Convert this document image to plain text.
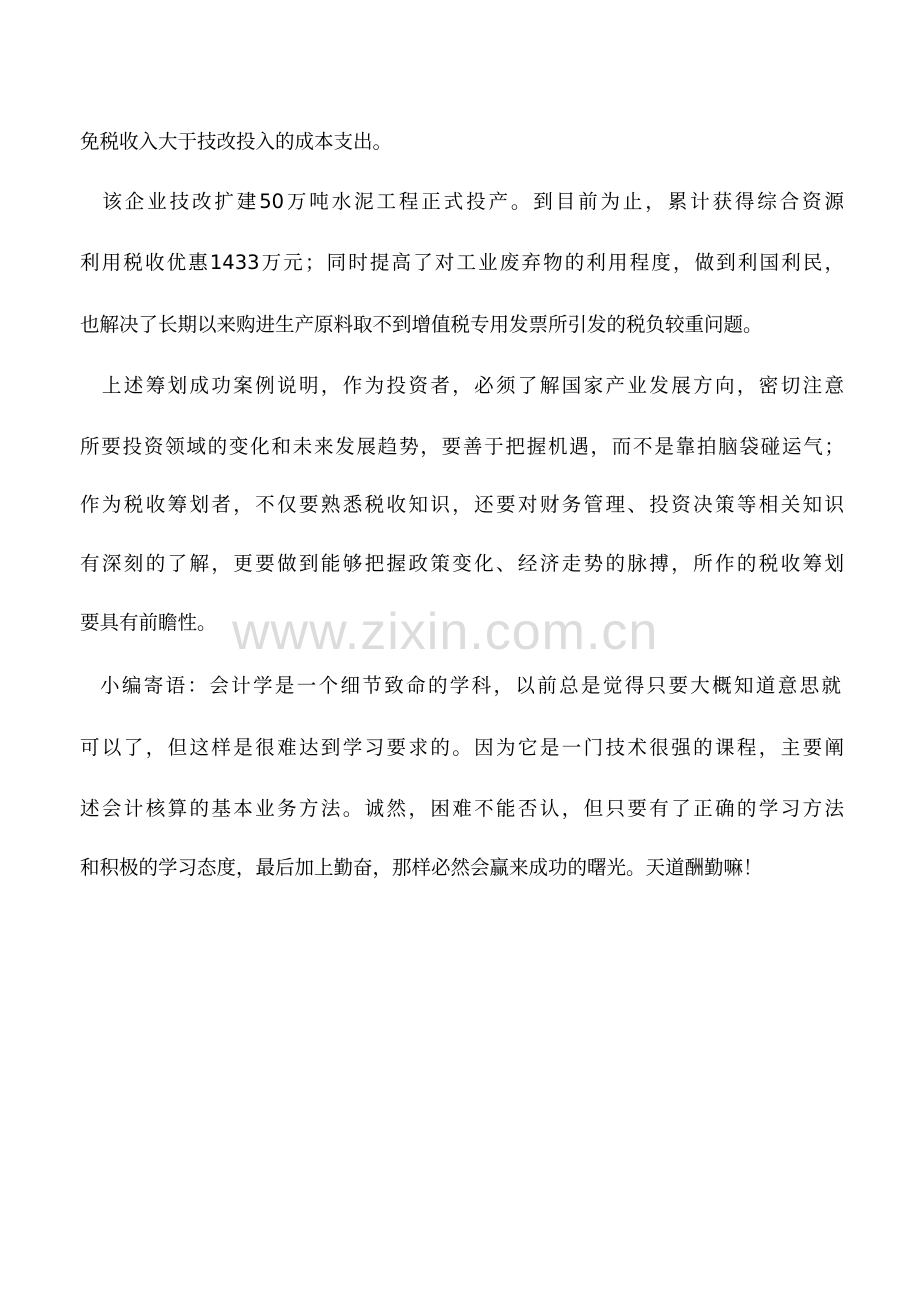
www.zixin.com.cn
免税收入大于技改投入的成本支出。
　该企业技改扩建50万吨水泥工程正式投产。到目前为止，累计获得综合资源
利用税收优惠1433万元；同时提高了对工业废弃物的利用程度，做到利国利民，
也解决了长期以来购进生产原料取不到增值税专用发票所引发的税负较重问题。
　上述筹划成功案例说明，作为投资者，必须了解国家产业发展方向，密切注意
所要投资领域的变化和未来发展趋势，要善于把握机遇，而不是靠拍脑袋碰运气；
作为税收筹划者，不仅要熟悉税收知识，还要对财务管理、投资决策等相关知识
有深刻的了解，更要做到能够把握政策变化、经济走势的脉搏，所作的税收筹划
要具有前瞻性。
小编寄语：会计学是一个细节致命的学科，以前总是觉得只要大概知道意思就
可以了，但这样是很难达到学习要求的。因为它是一门技术很强的课程，主要阐
述会计核算的基本业务方法。诚然，困难不能否认，但只要有了正确的学习方法
和积极的学习态度，最后加上勤奋，那样必然会赢来成功的曙光。天道酬勤嘛！
